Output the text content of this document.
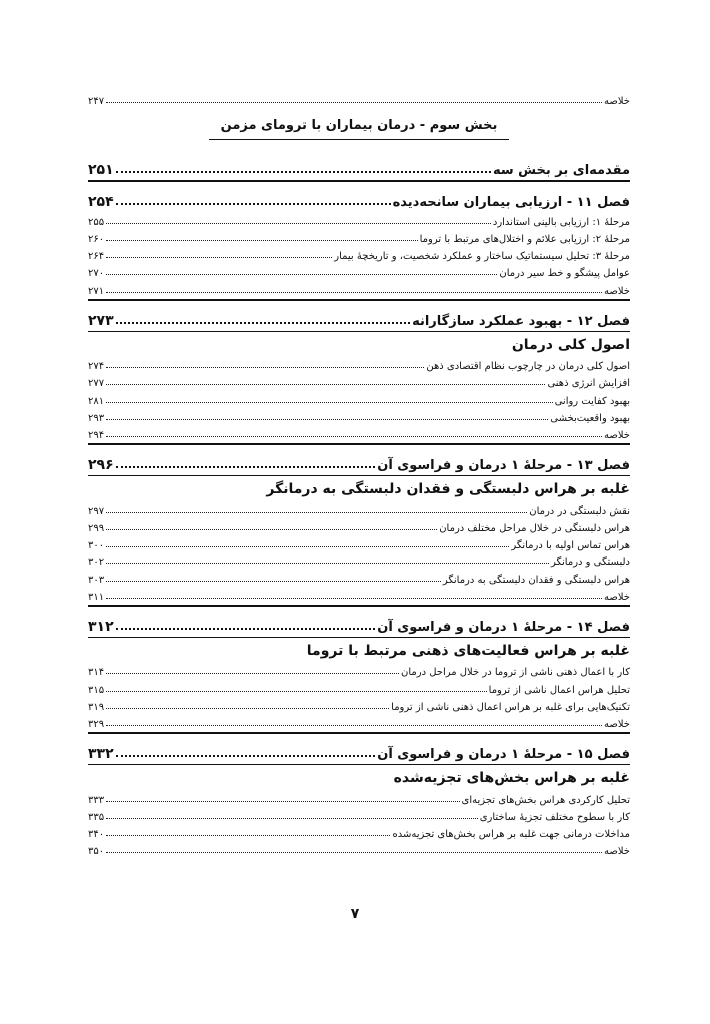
خلاصه
۲۴۷
بخش سوم - درمان بیماران با ترومای مزمن
مقدمه‌ای بر بخش سه
۲۵۱
فصل ۱۱ - ارزیابی بیماران سانحه‌دیده
۲۵۴
مرحلهٔ ۱: ارزیابی بالینی استاندارد
۲۵۵
مرحلهٔ ۲: ارزیابی علائم و اختلال‌های مرتبط با تروما
۲۶۰
مرحلهٔ ۳: تحلیل سیستماتیک ساختار و عملکرد شخصیت، و تاریخچهٔ بیمار
۲۶۴
عوامل پیشگو و خط سیر درمان
۲۷۰
خلاصه
۲۷۱
فصل ۱۲ - بهبود عملکرد سازگارانه
۲۷۳
اصول کلی درمان
اصول کلی درمان در چارچوب نظام اقتصادی ذهن
۲۷۴
افزایش انرژی ذهنی
۲۷۷
بهبود کفایت روانی
۲۸۱
بهبود واقعیت‌بخشی
۲۹۳
خلاصه
۲۹۴
فصل ۱۳ - مرحلهٔ ۱ درمان و فراسوی آن
۲۹۶
غلبه بر هراس دلبستگی و فقدان دلبستگی به درمانگر
نقش دلبستگی در درمان
۲۹۷
هراس دلبستگی در خلال مراحل مختلف درمان
۲۹۹
هراس تماس اولیه با درمانگر
۳۰۰
دلبستگی و درمانگر
۳۰۲
هراس دلبستگی و فقدان دلبستگی به درمانگر
۳۰۳
خلاصه
۳۱۱
فصل ۱۴ - مرحلهٔ ۱ درمان و فراسوی آن
۳۱۲
غلبه بر هراس فعالیت‌های ذهنی مرتبط با تروما
کار با اعمال ذهنی ناشی از تروما در خلال مراحل درمان
۳۱۴
تحلیل هراس اعمال ناشی از تروما
۳۱۵
تکنیک‌هایی برای غلبه بر هراس اعمال ذهنی ناشی از تروما
۳۱۹
خلاصه
۳۲۹
فصل ۱۵ - مرحلهٔ ۱ درمان و فراسوی آن
۳۳۲
غلبه بر هراس بخش‌های تجزیه‌شده
تحلیل کارکردی هراس بخش‌های تجزیه‌ای
۳۳۳
کار با سطوح مختلف تجزیهٔ ساختاری
۳۳۵
مداخلات درمانی جهت غلبه بر هراس بخش‌های تجزیه‌شده
۳۴۰
خلاصه
۳۵۰
۷
